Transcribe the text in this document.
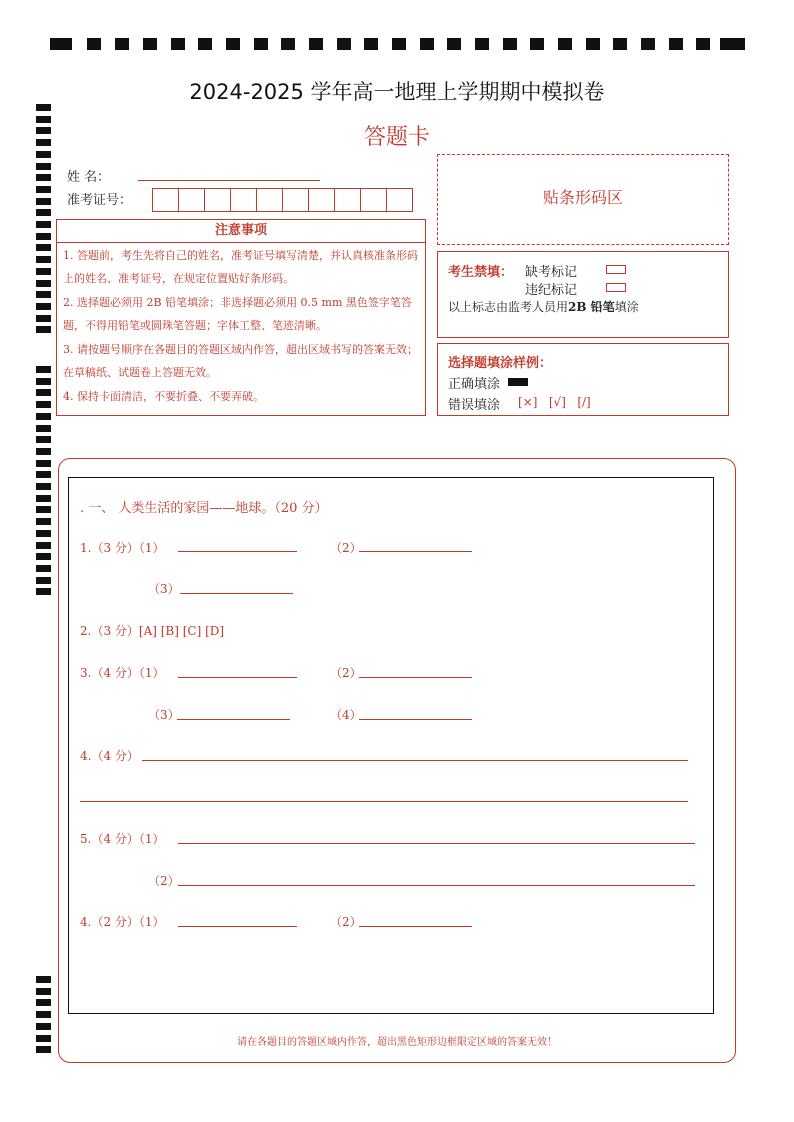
2024-2025 学年高一地理上学期期中模拟卷
答题卡
姓 名：
准考证号：
注意事项
1. 答题前，考生先将自己的姓名，准考证号填写清楚，并认真核准条形码上的姓名、准考证号，在规定位置贴好条形码。
2. 选择题必须用 2B 铅笔填涂；非选择题必须用 0.5 mm 黑色签字笔答题，不得用铅笔或圆珠笔答题；字体工整、笔迹清晰。
3. 请按题号顺序在各题目的答题区域内作答，超出区域书写的答案无效；在草稿纸、试题卷上答题无效。
4. 保持卡面清洁，不要折叠、不要弄破。
贴条形码区
考生禁填： 缺考标记
违纪标记
以上标志由监考人员用2B 铅笔填涂
选择题填涂样例：
正确填涂
错误填涂 [×]   [√]   [/]
. 一、 人类生活的家园——地球。（20 分）
1.（3 分）（1）	（2）
（3）
2.（3 分）[A] [B] [C] [D]
3.（4 分）（1）	（2）
（3）	（4）
4.（4 分）
5.（4 分）（1）
（2）
4.（2 分）（1）	（2）
请在各题目的答题区域内作答，超出黑色矩形边框限定区域的答案无效！
